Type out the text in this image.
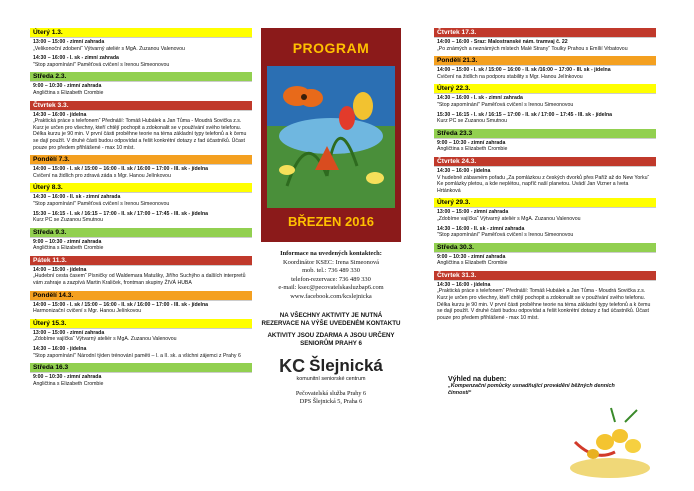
Úterý 1.3.
13:00 – 15:00 - zimní zahrada
„Velikonoční zdobení“ Výtvarný ateliér s MgA. Zuzanou Valenovou
14:30 – 16:00 - I. sk - zimní zahrada
"Stop zapomínání" Paměťová cvičení s Irenou Simeonovou
Středa 2.3.
9:00 – 10:30 - zimní zahrada
Angličtina s Elizabeth Crombie
Čtvrtek 3.3.
14:30 – 16:00 - jídelna
„Praktická práce s telefonem“ Přednáší: Tomáš Hubálek a Jan Tůma - Moudrá Sovička z.s. Kurz je určen pro všechny, kteří chtějí pochopit a zdokonalit se v používání svého telefonu. Délka kurzu je 90 min. V první části proběhne teorie na téma základní typy telefonů a k čemu se dají použít. V druhé části budou odpovídat a řešit konkrétní dotazy z řad účastníků. Účast pouze pro předem přihlášené - max 10 míst.
Pondělí 7.3.
14:00 – 15:00 - I. sk / 15:00 – 16:00 - II. sk / 16:00 – 17:00 - III. sk - jídelna
Cvičení na židlích pro zdravá záda s Mgr. Hanou Jelínkovou
Úterý 8.3.
14:30 – 16:00 - II. sk - zimní zahrada
"Stop zapomínání" Paměťová cvičení s Irenou Simeonovou
15:30 – 16:15 - I. sk / 16:15 – 17:00 - II. sk / 17:00 – 17:45 - III. sk - jídelna
Kurz PC se Zuzanou Smutnou
Středa 9.3.
9:00 – 10:30 - zimní zahrada
Angličtina s Elizabeth Crombie
Pátek 11.3.
14:00 – 15:00 - jídelna
„Hudební cesta časem“ Písničky od Waldemara Matušky, Jiřího Suchýho a dalších interpretů vám zahraje a zazpívá Martin Kraliček, frontman skupiny ŽIVÁ HUBA
Pondělí 14.3.
14:00 – 15:00 - I. sk / 15:00 – 16:00 - II. sk / 16:00 – 17:00 - III. sk - jídelna
Harmonizační cvičení s Mgr. Hanou Jelínkovou
Úterý 15.3.
13:00 – 15:00 - zimní zahrada
„Zdobíme vajíčka“ Výtvarný ateliér s MgA. Zuzanou Valenovou
14:30 – 16:00 - jídelna
"Stop zapomínání" Národní týden trénování paměti – I. a II. sk. a všichni zájemci z Prahy 6
Středa 16.3
9:00 – 10:30 - zimní zahrada
Angličtina s Elizabeth Crombie
Čtvrtek 17.3.
14:00 – 16:00 - Sraz: Malostranské nám. tramvaj č. 22
„Po známých a neznámých místech Malé Strany“ Toulky Prahou s Emílií Vrbatovou
Pondělí 21.3.
14:00 – 15:00 - I. sk / 15:00 – 16:00 - II. sk /16:00 – 17:00 - III. sk - jídelna
Cvičení na židlích na podporu stability s Mgr. Hanou Jelínkovou
Úterý 22.3.
14:30 – 16:00 - I. sk - zimní zahrada
"Stop zapomínání" Paměťová cvičení s Irenou Simeonovou
15:30 – 16:15 - I. sk / 16:15 – 17:00 - II. sk / 17:00 – 17:45 - III. sk - jídelna
Kurz PC se Zuzanou Smutnou
Středa 23.3
9:00 – 10:30 - zimní zahrada
Angličtina s Elizabeth Crombie
Čtvrtek 24.3.
14:30 – 16:00 - jídelna
V hudebně zábavném pořadu „Za pomlázkou z českých dvorků přes Paříž až do New Yorku“ Ke pomlázky pletou, a kde neplétou, napříč naší planetou. Uvádí Jan Vizner a Iveta Hrtánková
Úterý 29.3.
13:00 – 15:00 - zimní zahrada
„Zdobíme vajíčka“ Výtvarný ateliér s MgA. Zuzanou Valenovou
14:30 – 16:00 - II. sk - zimní zahrada
"Stop zapomínání" Paměťová cvičení s Irenou Simeonovou
Středa 30.3.
9:00 – 10:30 - zimní zahrada
Angličtina s Elizabeth Crombie
Čtvrtek 31.3.
14:30 – 16:00 - jídelna
„Praktická práce s telefonem“ Přednáší: Tomáš Hubálek a Jan Tůma - Moudrá Sovička z.s. Kurz je určen pro všechny, kteří chtějí pochopit a zdokonalit se v používání svého telefonu. Délka kurzu je 90 min. V první části proběhne teorie na téma základní typy telefonů a k čemu se dají použít. V druhé části budou odpovídat a řešit konkrétní dotazy z řad účastníků. Účast pouze pro předem přihlášené - max 10 míst.
PROGRAM
BŘEZEN 2016
Informace na uvedených kontaktech:
Koordinátor KSEC: Irena Simeonová
mob. tel.: 736 489 330
telefon-rezervace: 736 489 330
e-mail: ksec@pecovatelskasluzbap6.com
www.facebook.com/kcslejnicka
NA VŠECHNY AKTIVITY JE NUTNÁ REZERVACE NA VÝŠE UVEDENÉM KONTAKTU
AKTIVITY JSOU ZDARMA A JSOU URČENY SENIORŮM PRAHY 6
KC Šlejnická
komunitní seniorské centrum
Pečovatelská služba Prahy 6
DPS Šlejnická 5, Praha 6
Výhled na duben:
„Kompenzační pomůcky usnadňující provádění běžných denních činností“
